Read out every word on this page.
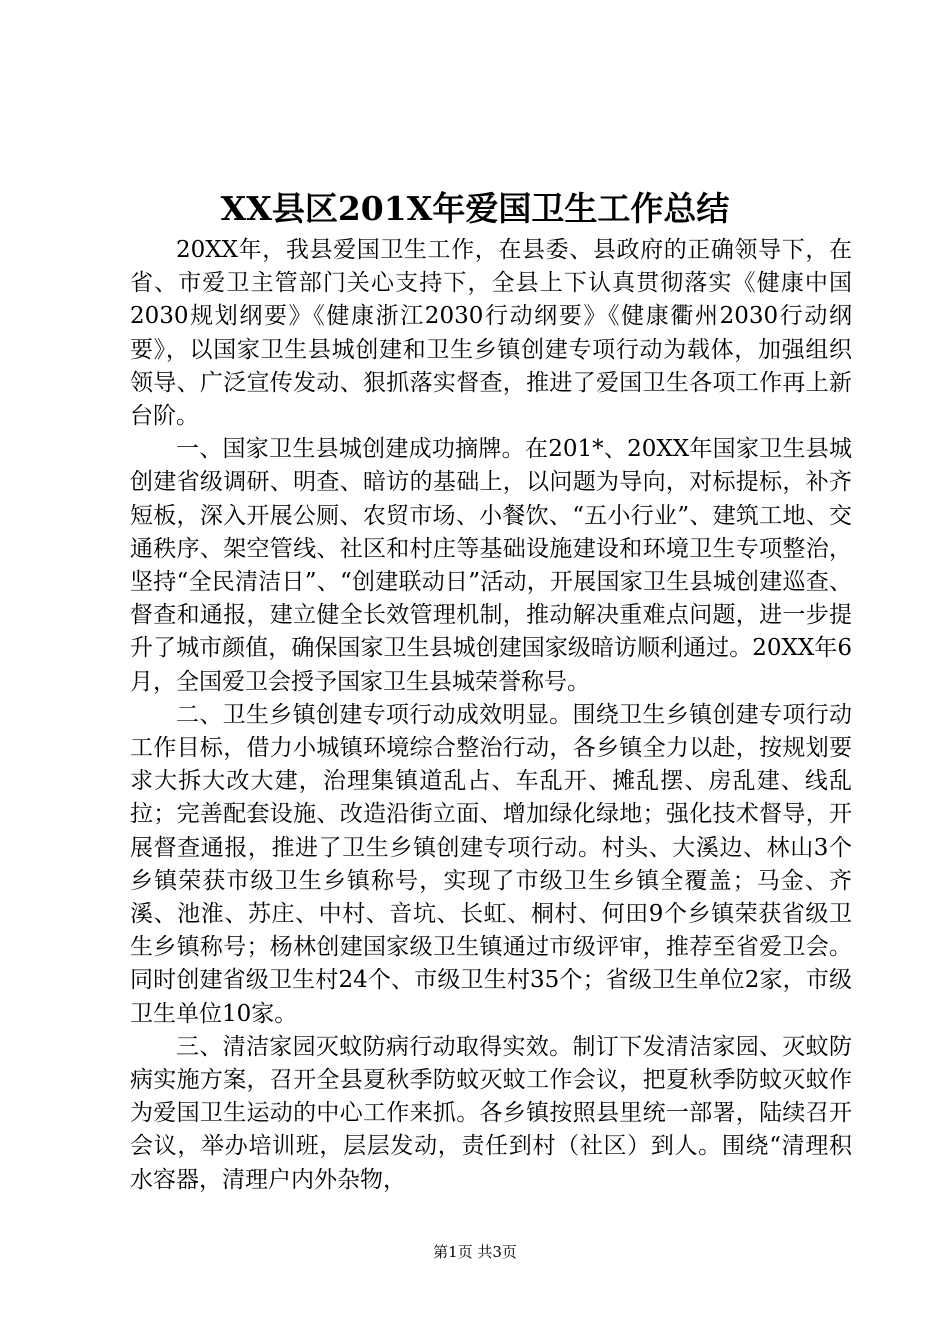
XX县区201X年爱国卫生工作总结

20XX年，我县爱国卫生工作，在县委、县政府的正确领导下，在省、市爱卫主管部门关心支持下，全县上下认真贯彻落实《健康中国2030规划纲要》《健康浙江2030行动纲要》《健康衢州2030行动纲要》，以国家卫生县城创建和卫生乡镇创建专项行动为载体，加强组织领导、广泛宣传发动、狠抓落实督查，推进了爱国卫生各项工作再上新台阶。

一、国家卫生县城创建成功摘牌。在201*、20XX年国家卫生县城创建省级调研、明查、暗访的基础上，以问题为导向，对标提标，补齐短板，深入开展公厕、农贸市场、小餐饮、“五小行业”、建筑工地、交通秩序、架空管线、社区和村庄等基础设施建设和环境卫生专项整治，坚持“全民清洁日”、“创建联动日”活动，开展国家卫生县城创建巡查、督查和通报，建立健全长效管理机制，推动解决重难点问题，进一步提升了城市颜值，确保国家卫生县城创建国家级暗访顺利通过。20XX年6月，全国爱卫会授予国家卫生县城荣誉称号。

二、卫生乡镇创建专项行动成效明显。围绕卫生乡镇创建专项行动工作目标，借力小城镇环境综合整治行动，各乡镇全力以赴，按规划要求大拆大改大建，治理集镇道乱占、车乱开、摊乱摆、房乱建、线乱拉；完善配套设施、改造沿街立面、增加绿化绿地；强化技术督导，开展督查通报，推进了卫生乡镇创建专项行动。村头、大溪边、林山3个乡镇荣获市级卫生乡镇称号，实现了市级卫生乡镇全覆盖；马金、齐溪、池淮、苏庄、中村、音坑、长虹、桐村、何田9个乡镇荣获省级卫生乡镇称号；杨林创建国家级卫生镇通过市级评审，推荐至省爱卫会。同时创建省级卫生村24个、市级卫生村35个；省级卫生单位2家，市级卫生单位10家。

三、清洁家园灭蚊防病行动取得实效。制订下发清洁家园、灭蚊防病实施方案，召开全县夏秋季防蚊灭蚊工作会议，把夏秋季防蚊灭蚊作为爱国卫生运动的中心工作来抓。各乡镇按照县里统一部署，陆续召开会议，举办培训班，层层发动，责任到村（社区）到人。围绕“清理积水容器，清理户内外杂物，

第1页 共3页
